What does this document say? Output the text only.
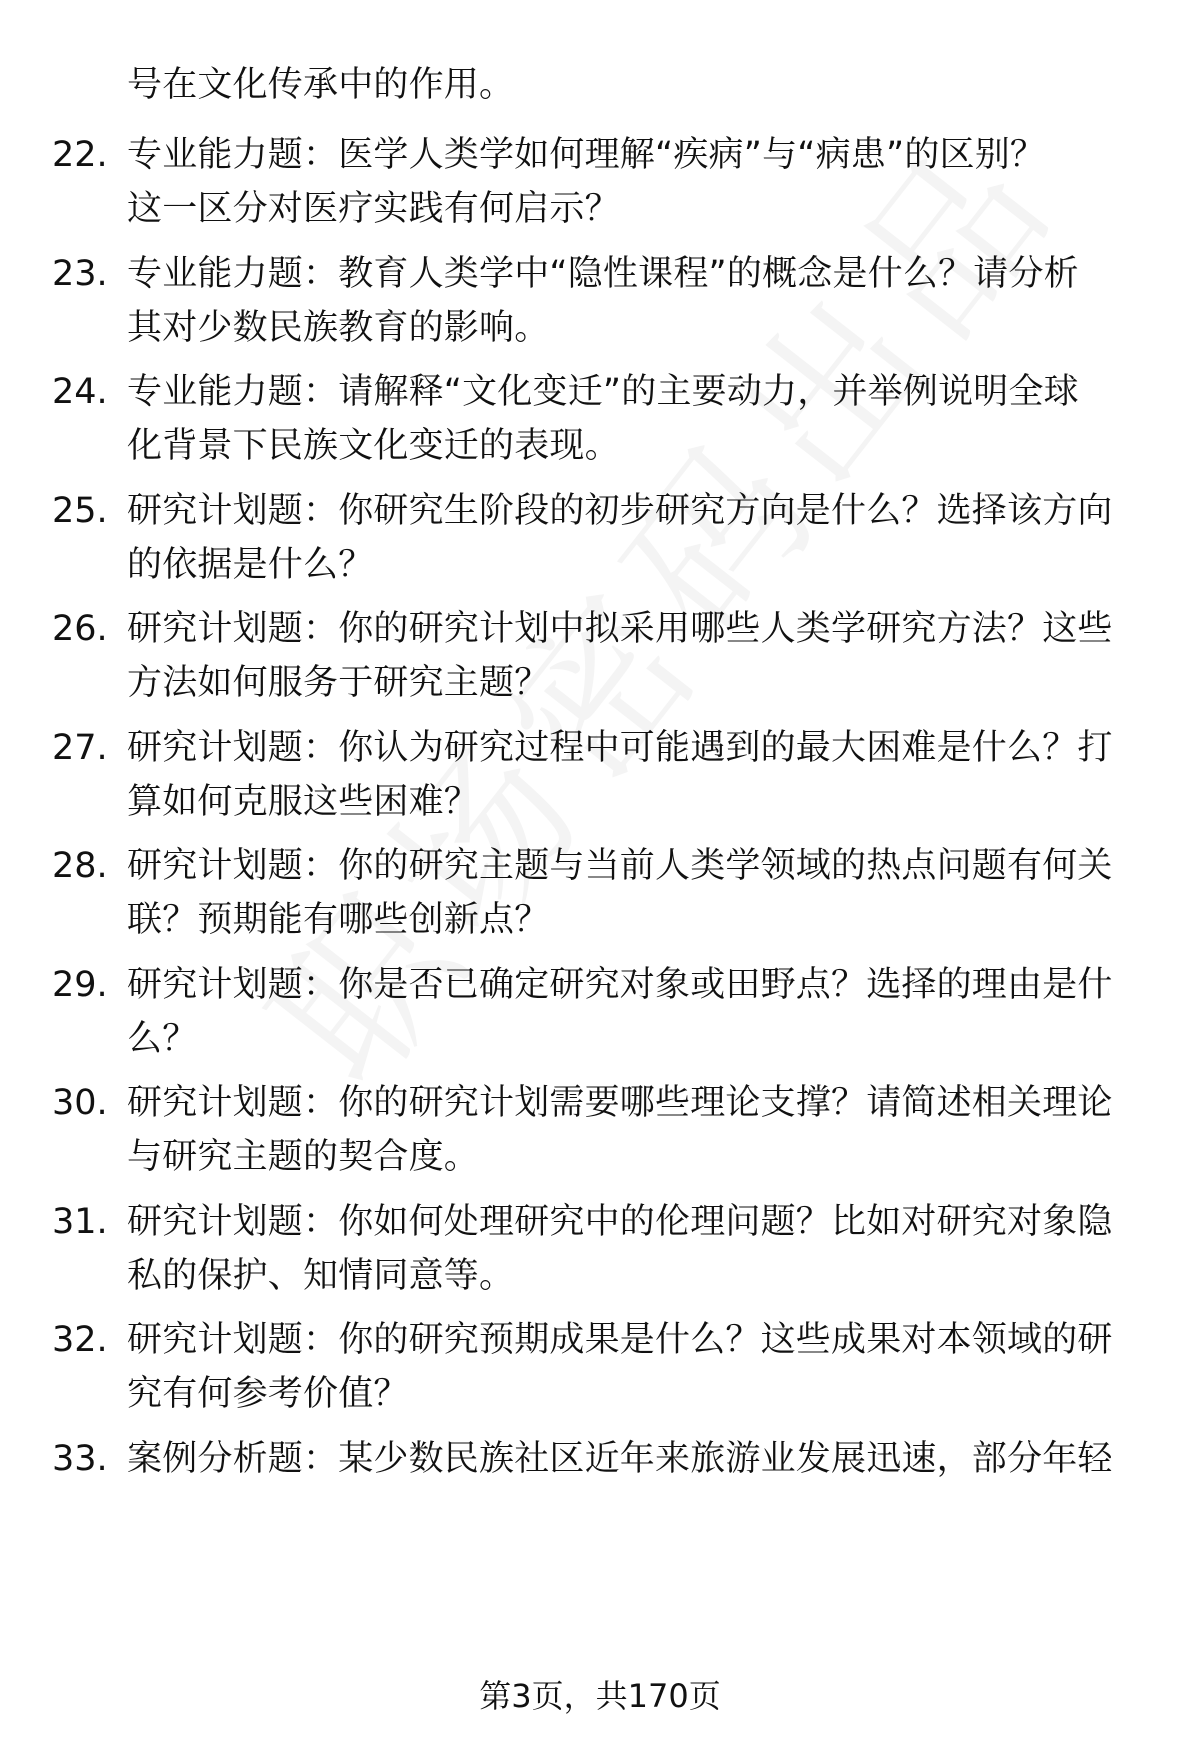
号在文化传承中的作用。
22. 专业能力题：医学人类学如何理解“疾病”与“病患”的区别？
这一区分对医疗实践有何启示？
23. 专业能力题：教育人类学中“隐性课程”的概念是什么？请分析
其对少数民族教育的影响。
24. 专业能力题：请解释“文化变迁”的主要动力，并举例说明全球
化背景下民族文化变迁的表现。
25. 研究计划题：你研究生阶段的初步研究方向是什么？选择该方向
的依据是什么？
26. 研究计划题：你的研究计划中拟采用哪些人类学研究方法？这些
方法如何服务于研究主题？
27. 研究计划题：你认为研究过程中可能遇到的最大困难是什么？打
算如何克服这些困难？
28. 研究计划题：你的研究主题与当前人类学领域的热点问题有何关
联？预期能有哪些创新点？
29. 研究计划题：你是否已确定研究对象或田野点？选择的理由是什
么？
30. 研究计划题：你的研究计划需要哪些理论支撑？请简述相关理论
与研究主题的契合度。
31. 研究计划题：你如何处理研究中的伦理问题？比如对研究对象隐
私的保护、知情同意等。
32. 研究计划题：你的研究预期成果是什么？这些成果对本领域的研
究有何参考价值？
33. 案例分析题：某少数民族社区近年来旅游业发展迅速，部分年轻
第3页，共170页
